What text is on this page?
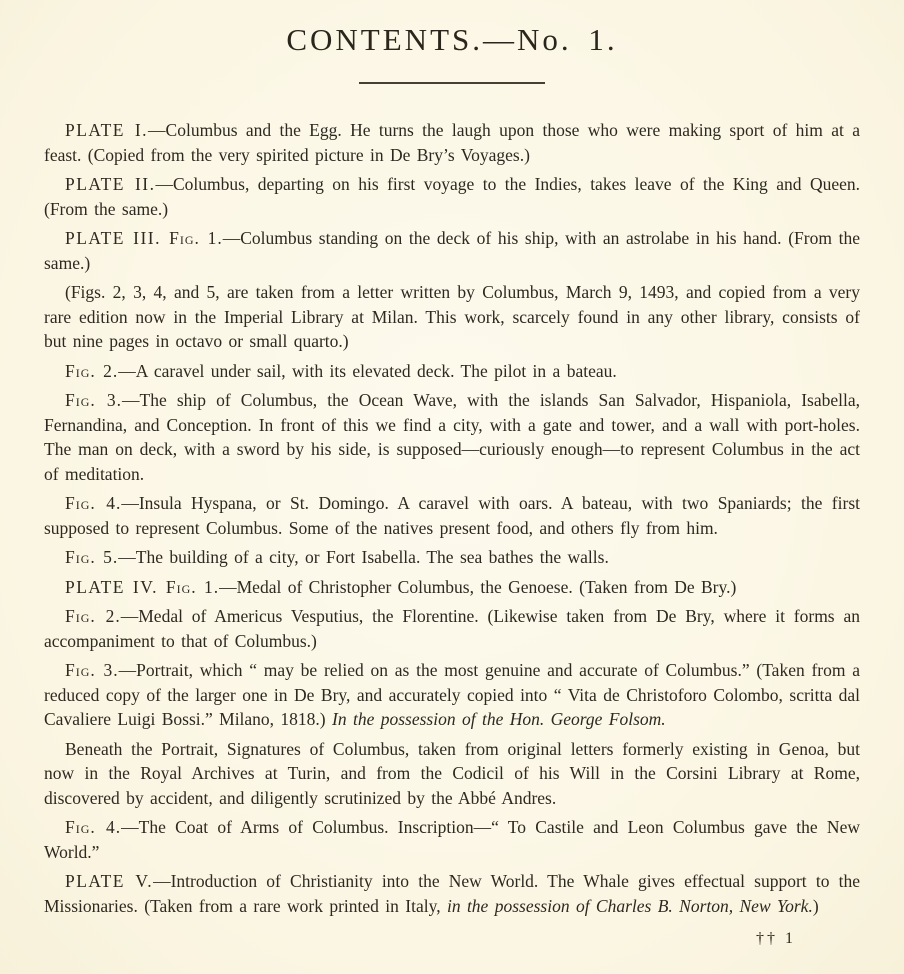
CONTENTS.—No. 1.

PLATE I.—Columbus and the Egg. He turns the laugh upon those who were making sport of him at a feast. (Copied from the very spirited picture in De Bry’s Voyages.)

PLATE II.—Columbus, departing on his first voyage to the Indies, takes leave of the King and Queen. (From the same.)

PLATE III. Fig. 1.—Columbus standing on the deck of his ship, with an astrolabe in his hand. (From the same.)

(Figs. 2, 3, 4, and 5, are taken from a letter written by Columbus, March 9, 1493, and copied from a very rare edition now in the Imperial Library at Milan. This work, scarcely found in any other library, consists of but nine pages in octavo or small quarto.)

Fig. 2.—A caravel under sail, with its elevated deck. The pilot in a bateau.

Fig. 3.—The ship of Columbus, the Ocean Wave, with the islands San Salvador, Hispaniola, Isabella, Fernandina, and Conception. In front of this we find a city, with a gate and tower, and a wall with port-holes. The man on deck, with a sword by his side, is supposed—curiously enough—to represent Columbus in the act of meditation.

Fig. 4.—Insula Hyspana, or St. Domingo. A caravel with oars. A bateau, with two Spaniards; the first supposed to represent Columbus. Some of the natives present food, and others fly from him.

Fig. 5.—The building of a city, or Fort Isabella. The sea bathes the walls.

PLATE IV. Fig. 1.—Medal of Christopher Columbus, the Genoese. (Taken from De Bry.)

Fig. 2.—Medal of Americus Vesputius, the Florentine. (Likewise taken from De Bry, where it forms an accompaniment to that of Columbus.)

Fig. 3.—Portrait, which “ may be relied on as the most genuine and accurate of Columbus.” (Taken from a reduced copy of the larger one in De Bry, and accurately copied into “ Vita de Christoforo Colombo, scritta dal Cavaliere Luigi Bossi.” Milano, 1818.) In the possession of the Hon. George Folsom.

Beneath the Portrait, Signatures of Columbus, taken from original letters formerly existing in Genoa, but now in the Royal Archives at Turin, and from the Codicil of his Will in the Corsini Library at Rome, discovered by accident, and diligently scrutinized by the Abbé Andres.

Fig. 4.—The Coat of Arms of Columbus. Inscription—“ To Castile and Leon Columbus gave the New World.”

PLATE V.—Introduction of Christianity into the New World. The Whale gives effectual support to the Missionaries. (Taken from a rare work printed in Italy, in the possession of Charles B. Norton, New York.)

†† 1
